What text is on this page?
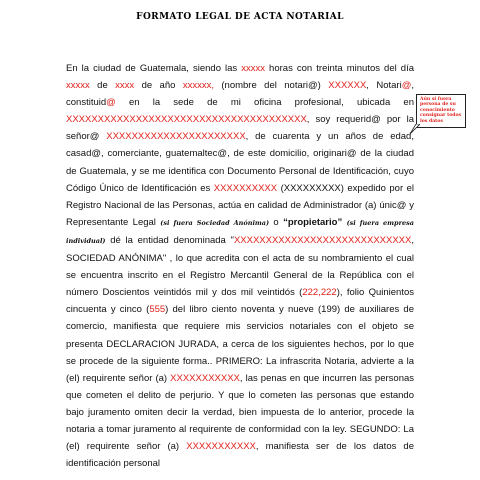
FORMATO LEGAL DE ACTA NOTARIAL

En la ciudad de Guatemala, siendo las xxxxx horas con treinta minutos del día xxxxx de xxxx de año xxxxxx, (nombre del notari@) XXXXXX, Notari@, constituid@ en la sede de mi oficina profesional, ubicada en XXXXXXXXXXXXXXXXXXXXXXXXXXXXXXXXXXXXXX, soy requerid@ por la señor@ XXXXXXXXXXXXXXXXXXXXXX, de cuarenta y un años de edad, casad@, comerciante, guatemaltec@, de este domicilio, originari@ de la ciudad de Guatemala, y se me identifica con Documento Personal de Identificación, cuyo Código Único de Identificación es XXXXXXXXXX (XXXXXXXXX) expedido por el Registro Nacional de las Personas, actúa en calidad de Administrador (a) únic@ y Representante Legal (si fuera Sociedad Anónima) o “propietario” (si fuera empresa individual) dé la entidad denominada "XXXXXXXXXXXXXXXXXXXXXXXXXXXX, SOCIEDAD ANÓNIMA" , lo que acredita con el acta de su nombramiento el cual se encuentra inscrito en el Registro Mercantil General de la República con el número Doscientos veintidós mil y dos mil veintidós (222,222), folio Quinientos cincuenta y cinco (555) del libro ciento noventa y nueve (199) de auxiliares de comercio, manifiesta que requiere mis servicios notariales con el objeto se presenta DECLARACION JURADA, a cerca de los siguientes hechos, por lo que se procede de la siguiente forma.. PRIMERO: La infrascrita Notaria, advierte a la (el) requirente señor (a) XXXXXXXXXXX, las penas en que incurren las personas que cometen el delito de perjurio. Y que lo cometen las personas que estando bajo juramento omiten decir la verdad, bien impuesta de lo anterior, procede la notaria a tomar juramento al requirente de conformidad con la ley. SEGUNDO: La (el) requirente señor (a) XXXXXXXXXXX, manifiesta ser de los datos de identificación personal

Aún si fuera persona de su conocimiento consignar todos los datos
